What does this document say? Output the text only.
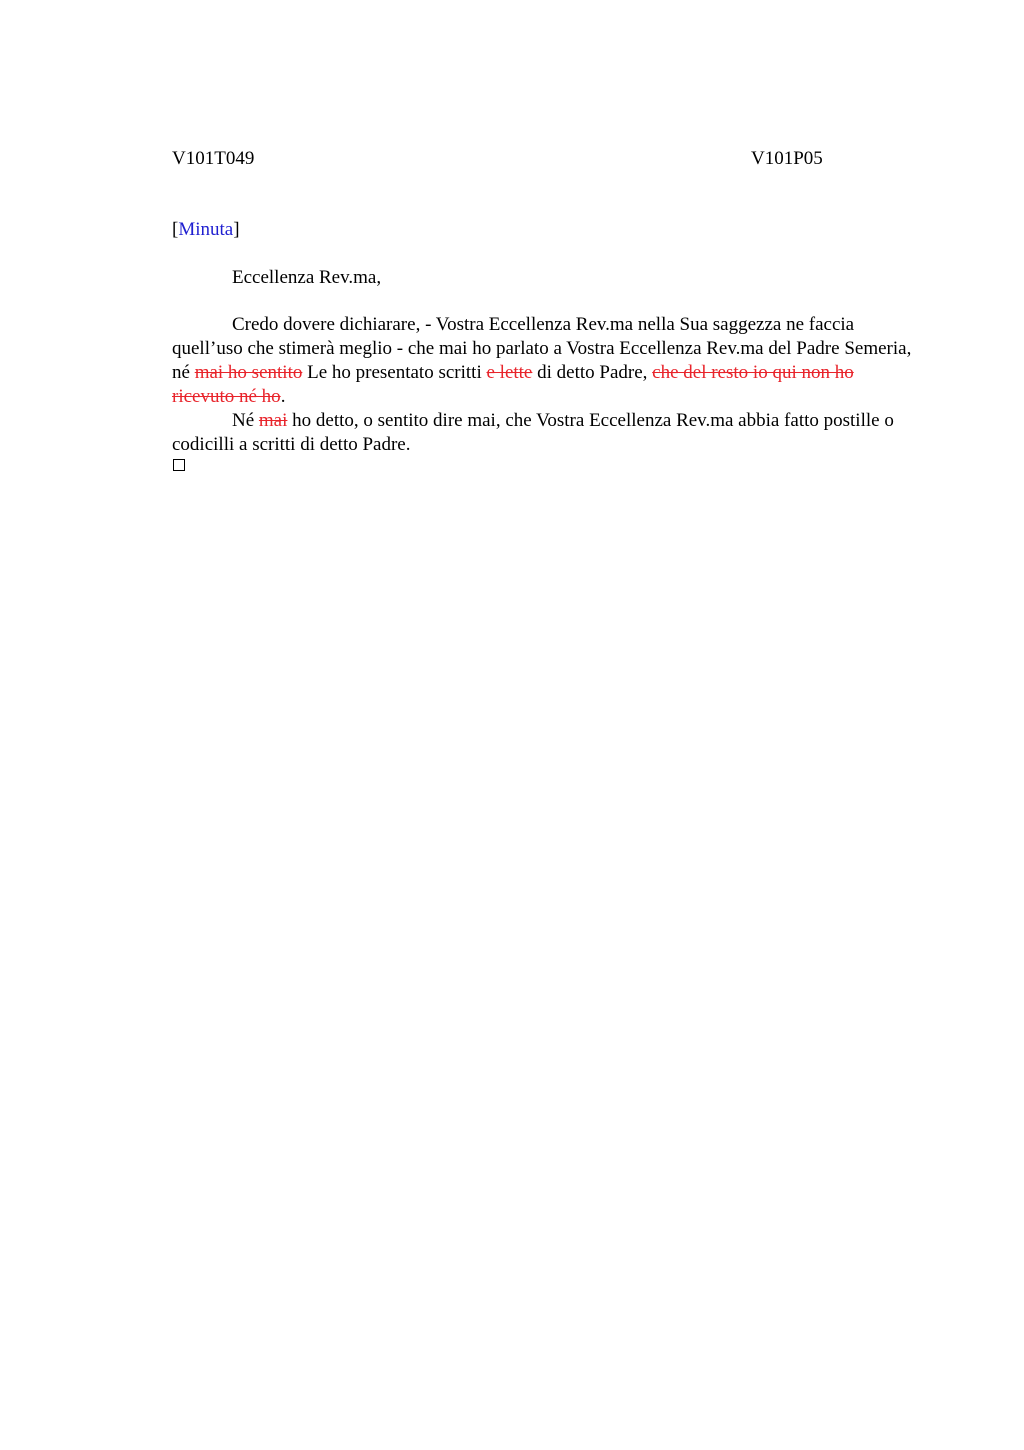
V101T049	V101P05
[Minuta]
Eccellenza Rev.ma,

Credo dovere dichiarare, - Vostra Eccellenza Rev.ma nella Sua saggezza ne faccia quell’uso che stimerà meglio - che mai ho parlato a Vostra Eccellenza Rev.ma del Padre Semeria, né mai ho sentito Le ho presentato scritti e lette di detto Padre, che del resto io qui non ho ricevuto né ho.

Né mai ho detto, o sentito dire mai, che Vostra Eccellenza Rev.ma abbia fatto postille o codicilli a scritti di detto Padre.
